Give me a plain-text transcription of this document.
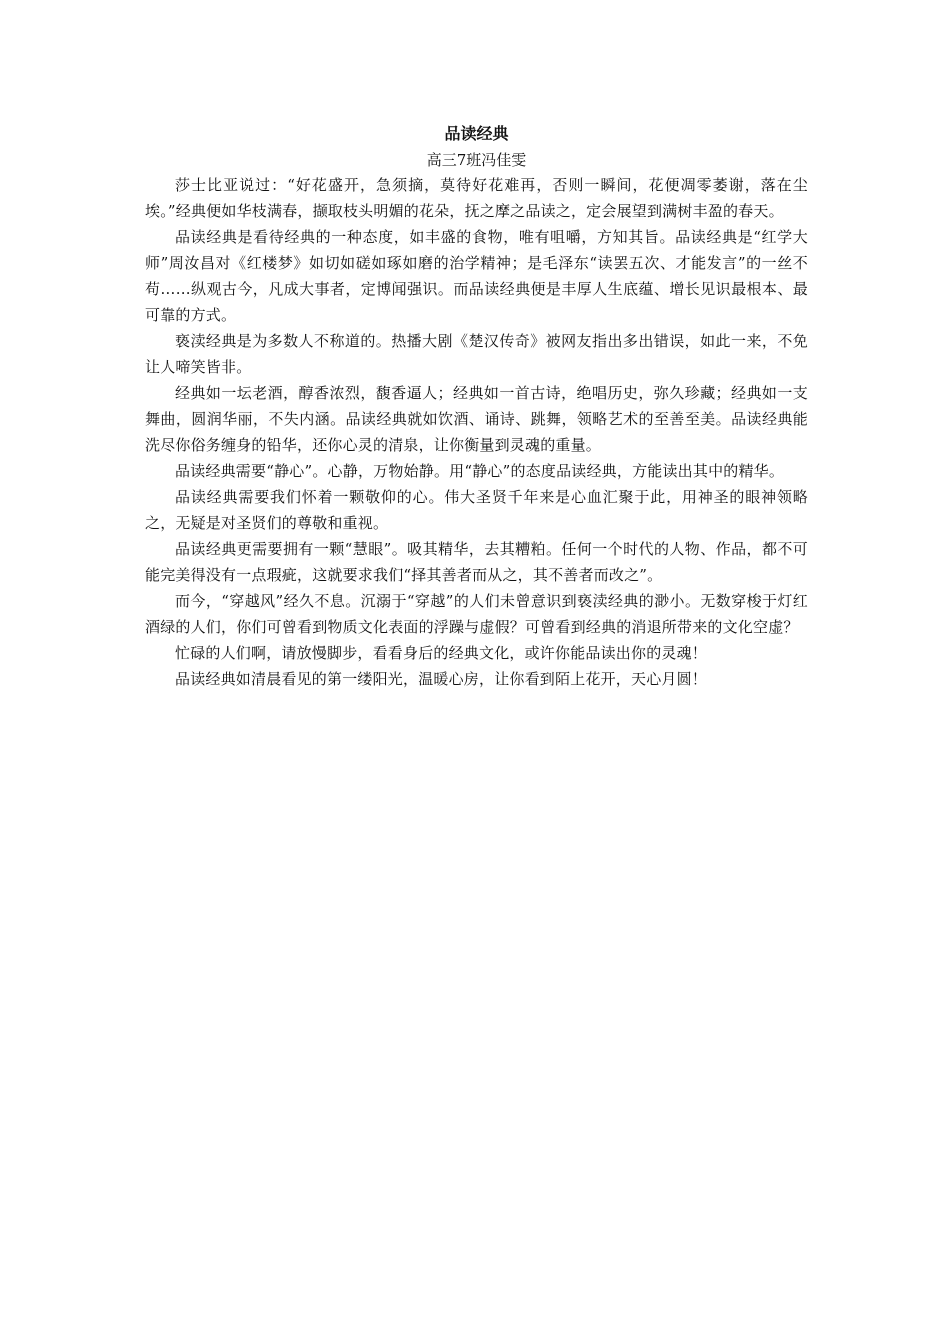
品读经典

高三7班冯佳雯

莎士比亚说过：“好花盛开，急须摘，莫待好花难再，否则一瞬间，花便凋零萎谢，落在尘埃。”经典便如华枝满春，撷取枝头明媚的花朵，抚之摩之品读之，定会展望到满树丰盈的春天。

品读经典是看待经典的一种态度，如丰盛的食物，唯有咀嚼，方知其旨。品读经典是“红学大师”周汝昌对《红楼梦》如切如磋如琢如磨的治学精神；是毛泽东“读罢五次、才能发言”的一丝不苟……纵观古今，凡成大事者，定博闻强识。而品读经典便是丰厚人生底蕴、增长见识最根本、最可靠的方式。

亵渎经典是为多数人不称道的。热播大剧《楚汉传奇》被网友指出多出错误，如此一来，不免让人啼笑皆非。

经典如一坛老酒，醇香浓烈，馥香逼人；经典如一首古诗，绝唱历史，弥久珍藏；经典如一支舞曲，圆润华丽，不失内涵。品读经典就如饮酒、诵诗、跳舞，领略艺术的至善至美。品读经典能洗尽你俗务缠身的铅华，还你心灵的清泉，让你衡量到灵魂的重量。

品读经典需要“静心”。心静，万物始静。用“静心”的态度品读经典，方能读出其中的精华。

品读经典需要我们怀着一颗敬仰的心。伟大圣贤千年来是心血汇聚于此，用神圣的眼神领略之，无疑是对圣贤们的尊敬和重视。

品读经典更需要拥有一颗“慧眼”。吸其精华，去其糟粕。任何一个时代的人物、作品，都不可能完美得没有一点瑕疵，这就要求我们“择其善者而从之，其不善者而改之”。

而今，“穿越风”经久不息。沉溺于“穿越”的人们未曾意识到亵渎经典的渺小。无数穿梭于灯红酒绿的人们，你们可曾看到物质文化表面的浮躁与虚假？可曾看到经典的消退所带来的文化空虚？

忙碌的人们啊，请放慢脚步，看看身后的经典文化，或许你能品读出你的灵魂！

品读经典如清晨看见的第一缕阳光，温暖心房，让你看到陌上花开，天心月圆！
